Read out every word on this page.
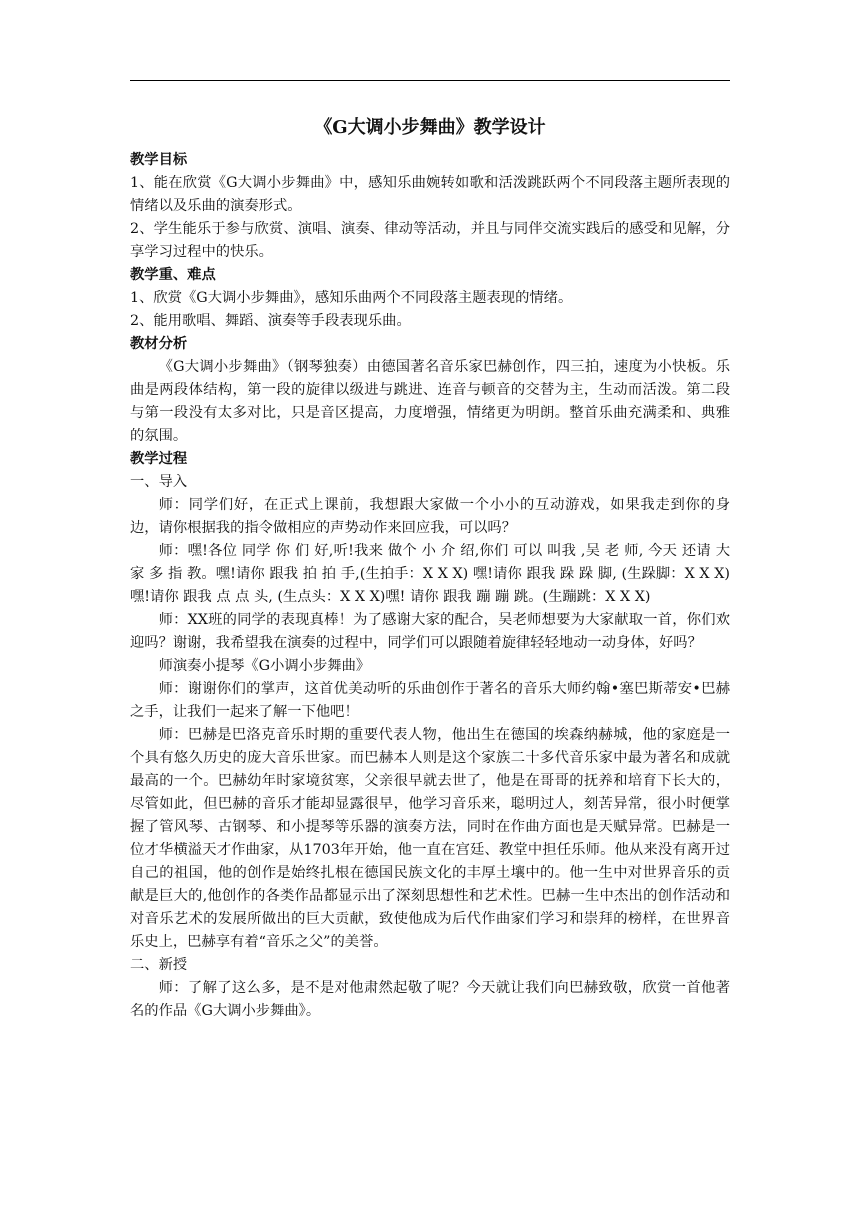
《G大调小步舞曲》教学设计
教学目标
1、能在欣赏《G大调小步舞曲》中，感知乐曲婉转如歌和活泼跳跃两个不同段落主题所表现的情绪以及乐曲的演奏形式。
2、学生能乐于参与欣赏、演唱、演奏、律动等活动，并且与同伴交流实践后的感受和见解，分享学习过程中的快乐。
教学重、难点
1、欣赏《G大调小步舞曲》，感知乐曲两个不同段落主题表现的情绪。
2、能用歌唱、舞蹈、演奏等手段表现乐曲。
教材分析
《G大调小步舞曲》（钢琴独奏）由德国著名音乐家巴赫创作，四三拍，速度为小快板。乐曲是两段体结构，第一段的旋律以级进与跳进、连音与顿音的交替为主，生动而活泼。第二段与第一段没有太多对比，只是音区提高，力度增强，情绪更为明朗。整首乐曲充满柔和、典雅的氛围。
教学过程
一、导入
师：同学们好，在正式上课前，我想跟大家做一个小小的互动游戏，如果我走到你的身边，请你根据我的指令做相应的声势动作来回应我，可以吗？
师：嘿!各位 同学 你 们 好,听!我来 做个 小 介 绍,你们 可以 叫我 ,吴 老 师, 今天 还请 大家 多 指 教。嘿!请你 跟我 拍 拍 手,(生拍手：X X X) 嘿!请你 跟我 跺 跺 脚, (生跺脚：X X X) 嘿!请你 跟我 点 点 头, (生点头：X X X)嘿! 请你 跟我 蹦 蹦 跳。(生蹦跳：X X X)
师：XX班的同学的表现真棒！为了感谢大家的配合，吴老师想要为大家献取一首，你们欢迎吗？谢谢，我希望我在演奏的过程中，同学们可以跟随着旋律轻轻地动一动身体，好吗？
师演奏小提琴《G小调小步舞曲》
师：谢谢你们的掌声，这首优美动听的乐曲创作于著名的音乐大师约翰•塞巴斯蒂安•巴赫之手，让我们一起来了解一下他吧！
师：巴赫是巴洛克音乐时期的重要代表人物，他出生在德国的埃森纳赫城，他的家庭是一个具有悠久历史的庞大音乐世家。而巴赫本人则是这个家族二十多代音乐家中最为著名和成就最高的一个。巴赫幼年时家境贫寒，父亲很早就去世了，他是在哥哥的抚养和培育下长大的，尽管如此，但巴赫的音乐才能却显露很早，他学习音乐来，聪明过人，刻苦异常，很小时便掌握了管风琴、古钢琴、和小提琴等乐器的演奏方法，同时在作曲方面也是天赋异常。巴赫是一位才华横溢天才作曲家，从1703年开始，他一直在宫廷、教堂中担任乐师。他从来没有离开过自己的祖国，他的创作是始终扎根在德国民族文化的丰厚土壤中的。他一生中对世界音乐的贡献是巨大的,他创作的各类作品都显示出了深刻思想性和艺术性。巴赫一生中杰出的创作活动和对音乐艺术的发展所做出的巨大贡献，致使他成为后代作曲家们学习和崇拜的榜样，在世界音乐史上，巴赫享有着“音乐之父”的美誉。
二、新授
师：了解了这么多，是不是对他肃然起敬了呢？今天就让我们向巴赫致敬，欣赏一首他著名的作品《G大调小步舞曲》。
